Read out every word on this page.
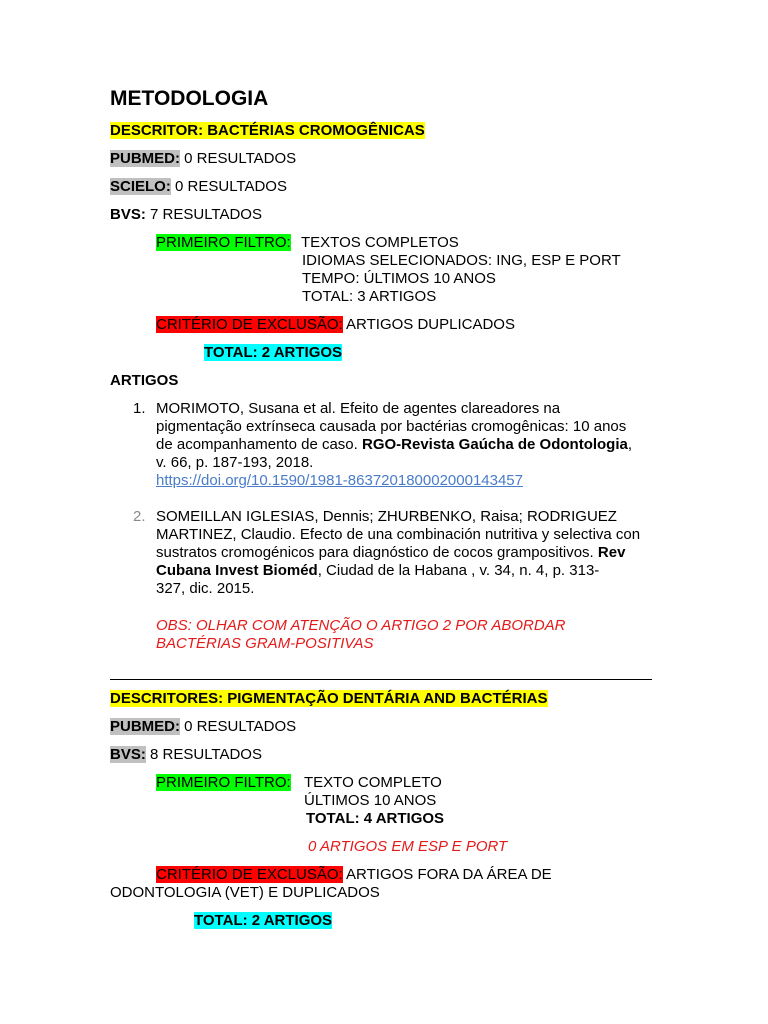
METODOLOGIA
DESCRITOR: BACTÉRIAS CROMOGÊNICAS
PUBMED: 0 RESULTADOS
SCIELO: 0 RESULTADOS
BVS: 7 RESULTADOS
PRIMEIRO FILTRO: TEXTOS COMPLETOS
IDIOMAS SELECIONADOS: ING, ESP E PORT
TEMPO: ÚLTIMOS 10 ANOS
TOTAL: 3 ARTIGOS
CRITÉRIO DE EXCLUSÃO: ARTIGOS DUPLICADOS
TOTAL: 2 ARTIGOS
ARTIGOS
1. MORIMOTO, Susana et al. Efeito de agentes clareadores na
pigmentação extrínseca causada por bactérias cromogênicas: 10 anos
de acompanhamento de caso. RGO-Revista Gaúcha de Odontologia,
v. 66, p. 187-193, 2018.
https://doi.org/10.1590/1981-863720180002000143457
2. SOMEILLAN IGLESIAS, Dennis; ZHURBENKO, Raisa; RODRIGUEZ
MARTINEZ, Claudio. Efecto de una combinación nutritiva y selectiva con
sustratos cromogénicos para diagnóstico de cocos grampositivos. Rev
Cubana Invest Bioméd, Ciudad de la Habana , v. 34, n. 4, p. 313-
327, dic. 2015.
OBS: OLHAR COM ATENÇÃO O ARTIGO 2 POR ABORDAR
BACTÉRIAS GRAM-POSITIVAS
DESCRITORES: PIGMENTAÇÃO DENTÁRIA AND BACTÉRIAS
PUBMED: 0 RESULTADOS
BVS: 8 RESULTADOS
PRIMEIRO FILTRO: TEXTO COMPLETO
ÚLTIMOS 10 ANOS
TOTAL: 4 ARTIGOS
0 ARTIGOS EM ESP E PORT
CRITÉRIO DE EXCLUSÃO: ARTIGOS FORA DA ÁREA DE
ODONTOLOGIA (VET) E DUPLICADOS
TOTAL: 2 ARTIGOS
